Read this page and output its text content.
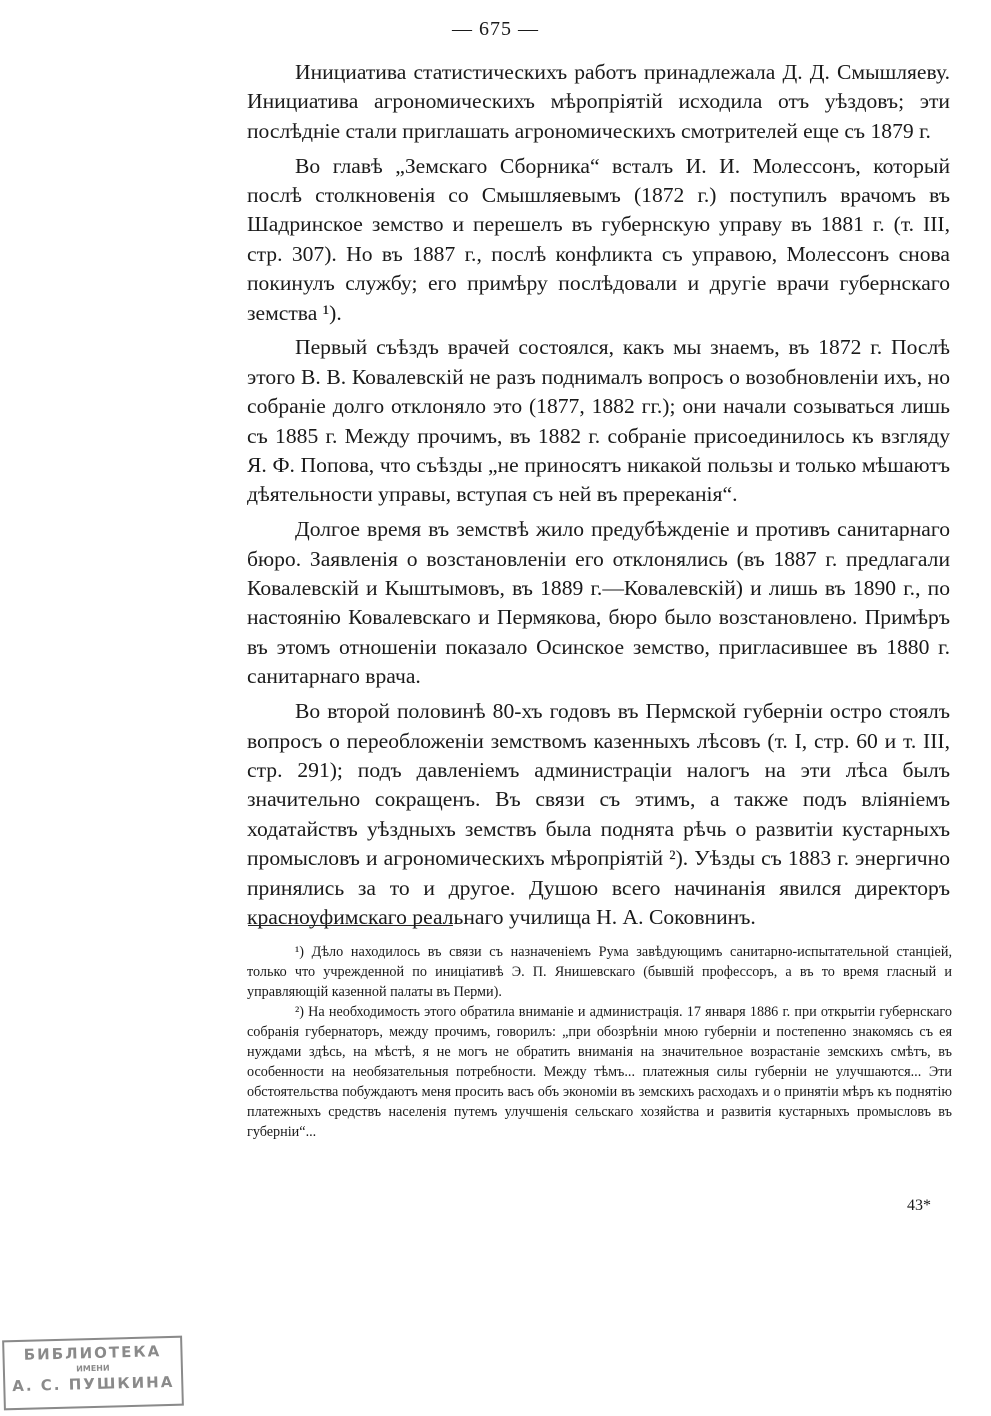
— 675 —

Инициатива статистическихъ работъ принадлежала Д. Д. Смышляеву. Инициатива агрономическихъ мѣропріятій исходила отъ уѣздовъ; эти послѣдніе стали приглашать агрономическихъ смотрителей еще съ 1879 г.

Во главѣ „Земскаго Сборника“ всталъ И. И. Молессонъ, который послѣ столкновенія со Смышляевымъ (1872 г.) поступилъ врачомъ въ Шадринское земство и перешелъ въ губернскую управу въ 1881 г. (т. III, стр. 307). Но въ 1887 г., послѣ конфликта съ управою, Молессонъ снова покинулъ службу; его примѣру послѣдовали и другіе врачи губернскаго земства ¹).

Первый съѣздъ врачей состоялся, какъ мы знаемъ, въ 1872 г. Послѣ этого В. В. Ковалевскій не разъ поднималъ вопросъ о возобновленіи ихъ, но собраніе долго отклоняло это (1877, 1882 гг.); они начали созываться лишь съ 1885 г. Между прочимъ, въ 1882 г. собраніе присоединилось къ взгляду Я. Ф. Попова, что съѣзды „не приносятъ никакой пользы и только мѣшаютъ дѣятельности управы, вступая съ ней въ пререканія“.

Долгое время въ земствѣ жило предубѣжденіе и противъ санитарнаго бюро. Заявленія о возстановленіи его отклонялись (въ 1887 г. предлагали Ковалевскій и Кыштымовъ, въ 1889 г.—Ковалевскій) и лишь въ 1890 г., по настоянію Ковалевскаго и Пермякова, бюро было возстановлено. Примѣръ въ этомъ отношеніи показало Осинское земство, пригласившее въ 1880 г. санитарнаго врача.

Во второй половинѣ 80-хъ годовъ въ Пермской губерніи остро стоялъ вопросъ о переобложеніи земствомъ казенныхъ лѣсовъ (т. I, стр. 60 и т. III, стр. 291); подъ давленіемъ администраціи налогъ на эти лѣса былъ значительно сокращенъ. Въ связи съ этимъ, а также подъ вліяніемъ ходатайствъ уѣздныхъ земствъ была поднята рѣчь о развитіи кустарныхъ промысловъ и агрономическихъ мѣропріятій ²). Уѣзды съ 1883 г. энергично принялись за то и другое. Душою всего начинанія явился директоръ красноуфимскаго реальнаго училища Н. А. Соковнинъ.

¹) Дѣло находилось въ связи съ назначеніемъ Рума завѣдующимъ санитарно-испытательной станціей, только что учрежденной по иниціативѣ Э. П. Янишевскаго (бывшій профессоръ, а въ то время гласный и управляющій казенной палаты въ Перми).

²) На необходимость этого обратила вниманіе и администрація. 17 января 1886 г. при открытіи губернскаго собранія губернаторъ, между прочимъ, говорилъ: „при обозрѣніи мною губерніи и постепенно знакомясь съ ея нуждами здѣсь, на мѣстѣ, я не могъ не обратить вниманія на значительное возрастаніе земскихъ смѣтъ, въ особенности на необязательныя потребности. Между тѣмъ... платежныя силы губерніи не улучшаются... Эти обстоятельства побуждаютъ меня просить васъ объ экономіи въ земскихъ расходахъ и о принятіи мѣръ къ поднятію платежныхъ средствъ населенія путемъ улучшенія сельскаго хозяйства и развитія кустарныхъ промысловъ въ губерніи“...

43*
БИБЛИОТЕКА
ИМЕНИ
А. С. ПУШКИНА
